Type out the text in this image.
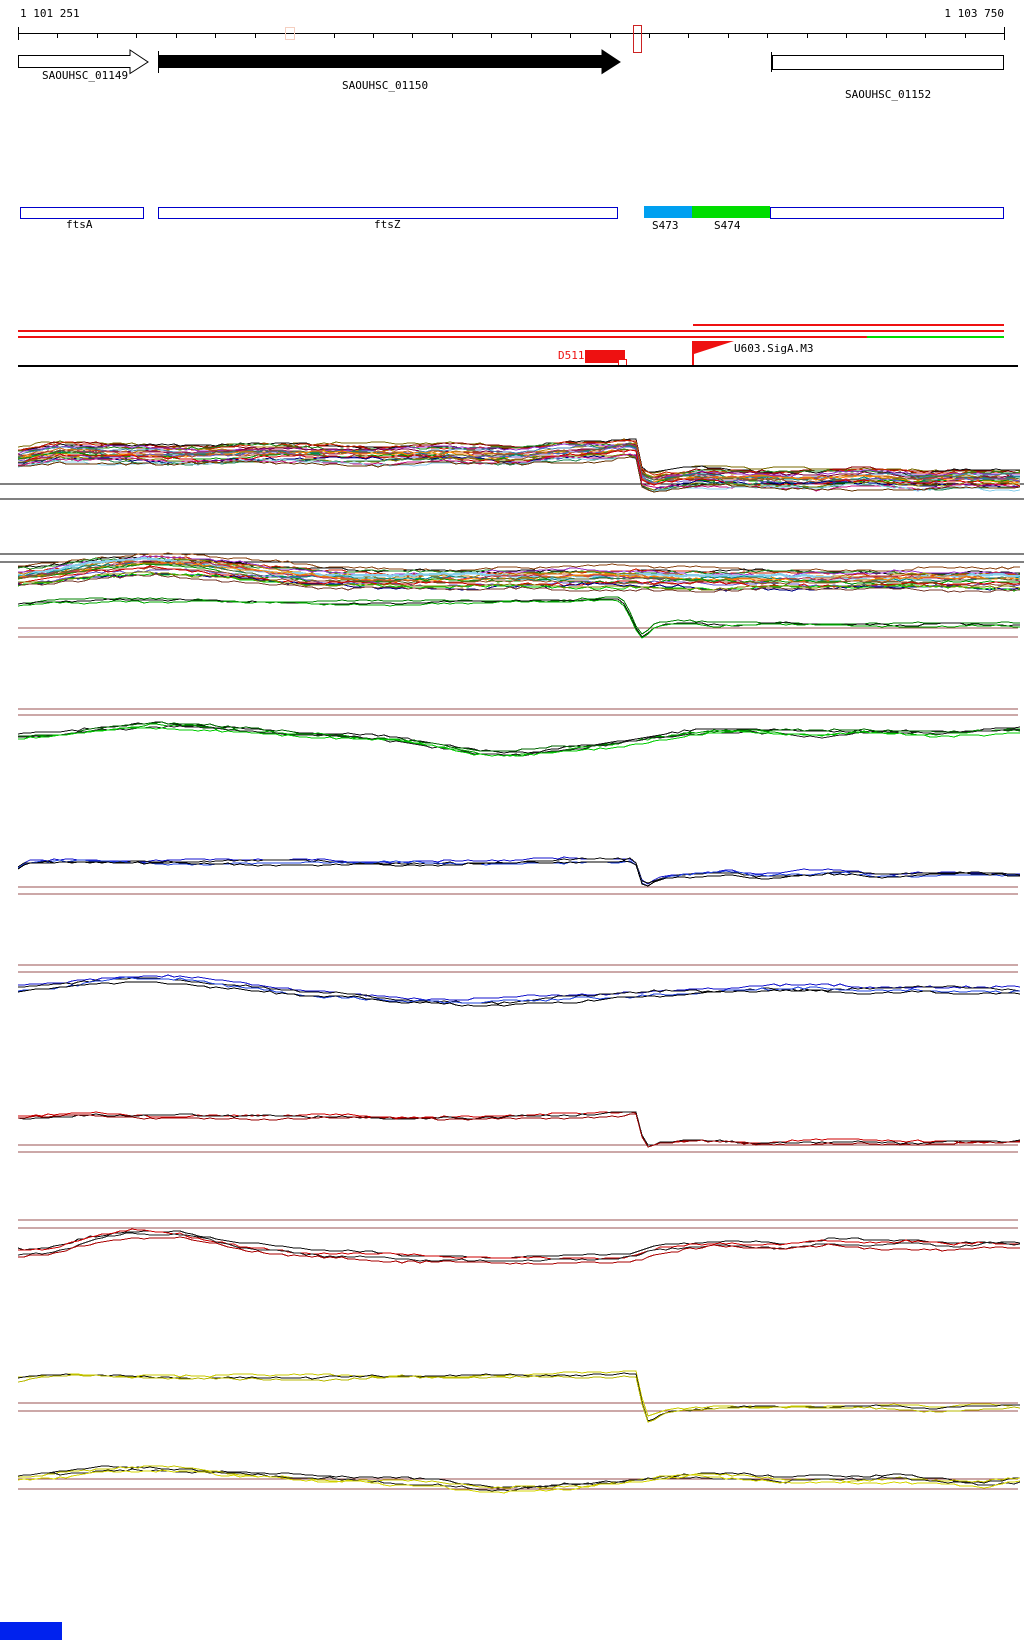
1 101 251	1 103 750
SAOUHSC_01149
SAOUHSC_01150
SAOUHSC_01152
ftsA	ftsZ	S473	S474
D511
U603.SigA.M3
